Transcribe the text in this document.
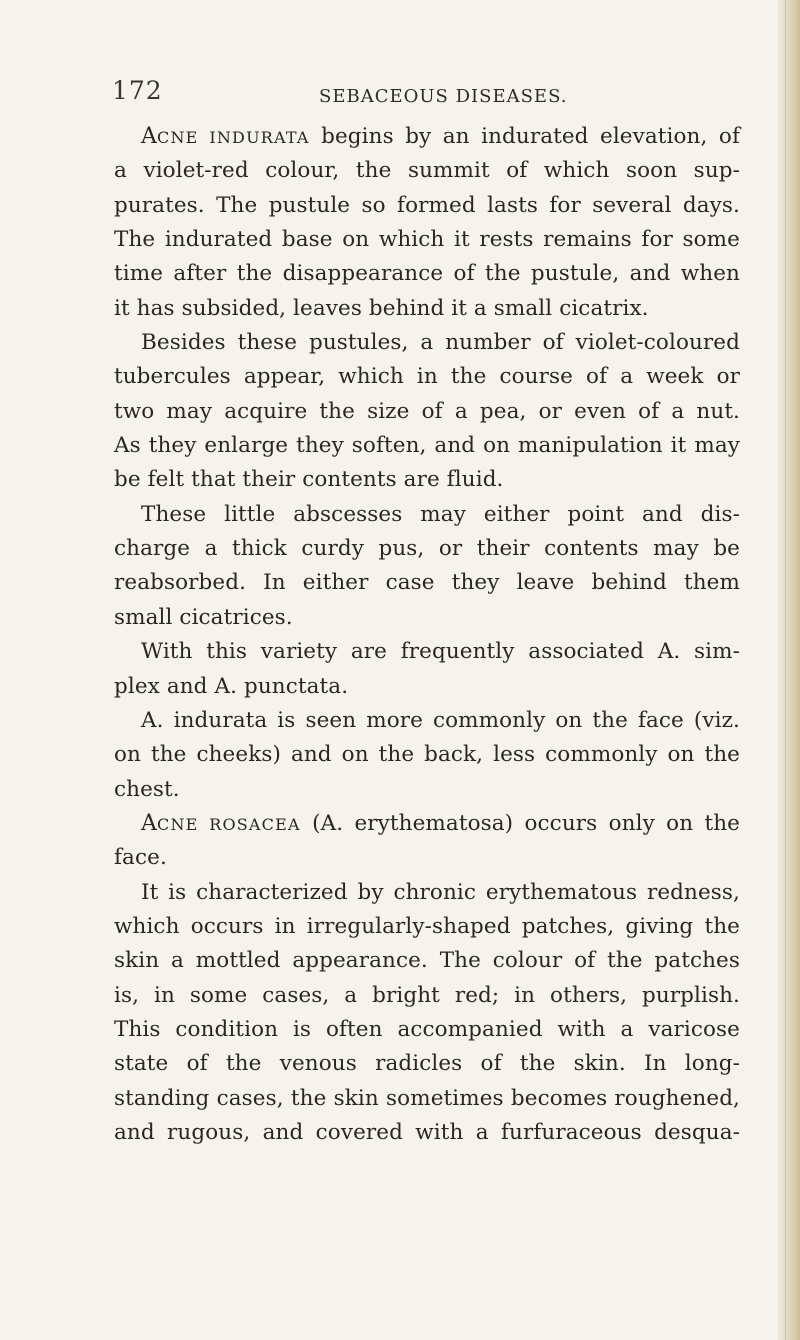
172	SEBACEOUS DISEASES.
ACNE INDURATA begins by an indurated elevation, of
a violet-red colour, the summit of which soon sup-
purates. The pustule so formed lasts for several days.
The indurated base on which it rests remains for some
time after the disappearance of the pustule, and when
it has subsided, leaves behind it a small cicatrix.
Besides these pustules, a number of violet-coloured
tubercules appear, which in the course of a week or
two may acquire the size of a pea, or even of a nut.
As they enlarge they soften, and on manipulation it may
be felt that their contents are fluid.
These little abscesses may either point and dis-
charge a thick curdy pus, or their contents may be
reabsorbed. In either case they leave behind them
small cicatrices.
With this variety are frequently associated A. sim-
plex and A. punctata.
A. indurata is seen more commonly on the face (viz.
on the cheeks) and on the back, less commonly on the
chest.
ACNE ROSACEA (A. erythematosa) occurs only on the
face.
It is characterized by chronic erythematous redness,
which occurs in irregularly-shaped patches, giving the
skin a mottled appearance. The colour of the patches
is, in some cases, a bright red; in others, purplish.
This condition is often accompanied with a varicose
state of the venous radicles of the skin. In long-
standing cases, the skin sometimes becomes roughened,
and rugous, and covered with a furfuraceous desqua-
